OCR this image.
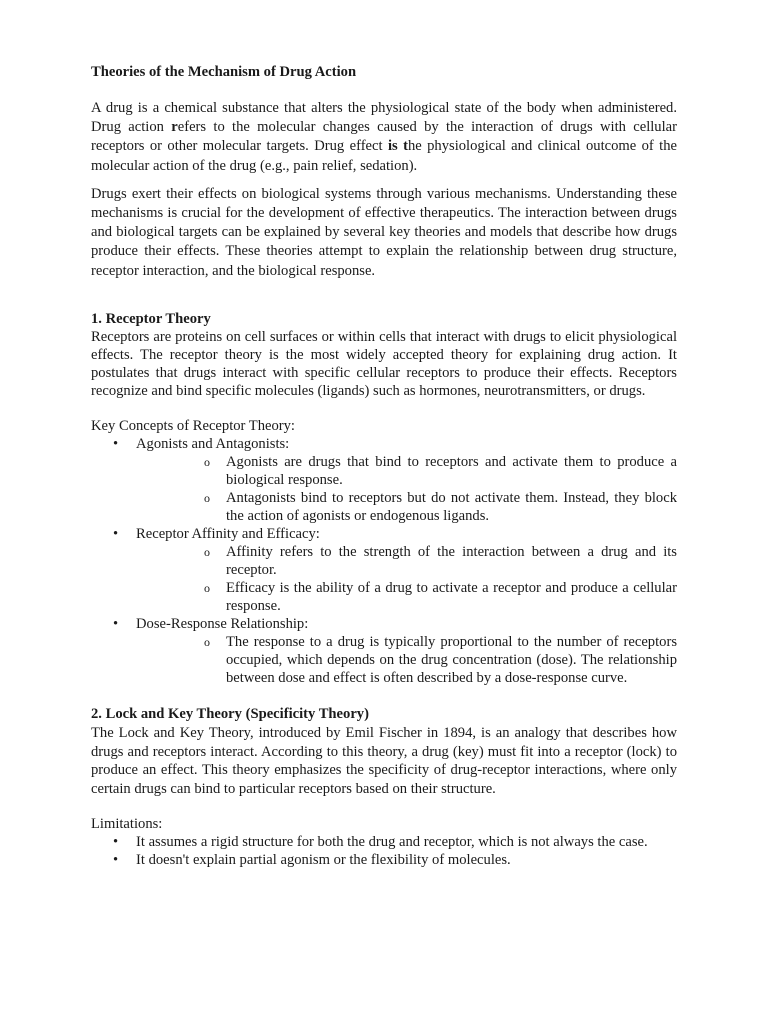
Theories of the Mechanism of Drug Action

A drug is a chemical substance that alters the physiological state of the body when administered. Drug action refers to the molecular changes caused by the interaction of drugs with cellular receptors or other molecular targets. Drug effect is the physiological and clinical outcome of the molecular action of the drug (e.g., pain relief, sedation).

Drugs exert their effects on biological systems through various mechanisms. Understanding these mechanisms is crucial for the development of effective therapeutics. The interaction between drugs and biological targets can be explained by several key theories and models that describe how drugs produce their effects. These theories attempt to explain the relationship between drug structure, receptor interaction, and the biological response.

1. Receptor Theory

Receptors are proteins on cell surfaces or within cells that interact with drugs to elicit physiological effects. The receptor theory is the most widely accepted theory for explaining drug action. It postulates that drugs interact with specific cellular receptors to produce their effects. Receptors recognize and bind specific molecules (ligands) such as hormones, neurotransmitters, or drugs.

Key Concepts of Receptor Theory:
• Agonists and Antagonists:
o Agonists are drugs that bind to receptors and activate them to produce a biological response.
o Antagonists bind to receptors but do not activate them. Instead, they block the action of agonists or endogenous ligands.
• Receptor Affinity and Efficacy:
o Affinity refers to the strength of the interaction between a drug and its receptor.
o Efficacy is the ability of a drug to activate a receptor and produce a cellular response.
• Dose-Response Relationship:
o The response to a drug is typically proportional to the number of receptors occupied, which depends on the drug concentration (dose). The relationship between dose and effect is often described by a dose-response curve.
2. Lock and Key Theory (Specificity Theory)

The Lock and Key Theory, introduced by Emil Fischer in 1894, is an analogy that describes how drugs and receptors interact. According to this theory, a drug (key) must fit into a receptor (lock) to produce an effect. This theory emphasizes the specificity of drug-receptor interactions, where only certain drugs can bind to particular receptors based on their structure.

Limitations:
• It assumes a rigid structure for both the drug and receptor, which is not always the case.
• It doesn't explain partial agonism or the flexibility of molecules.
